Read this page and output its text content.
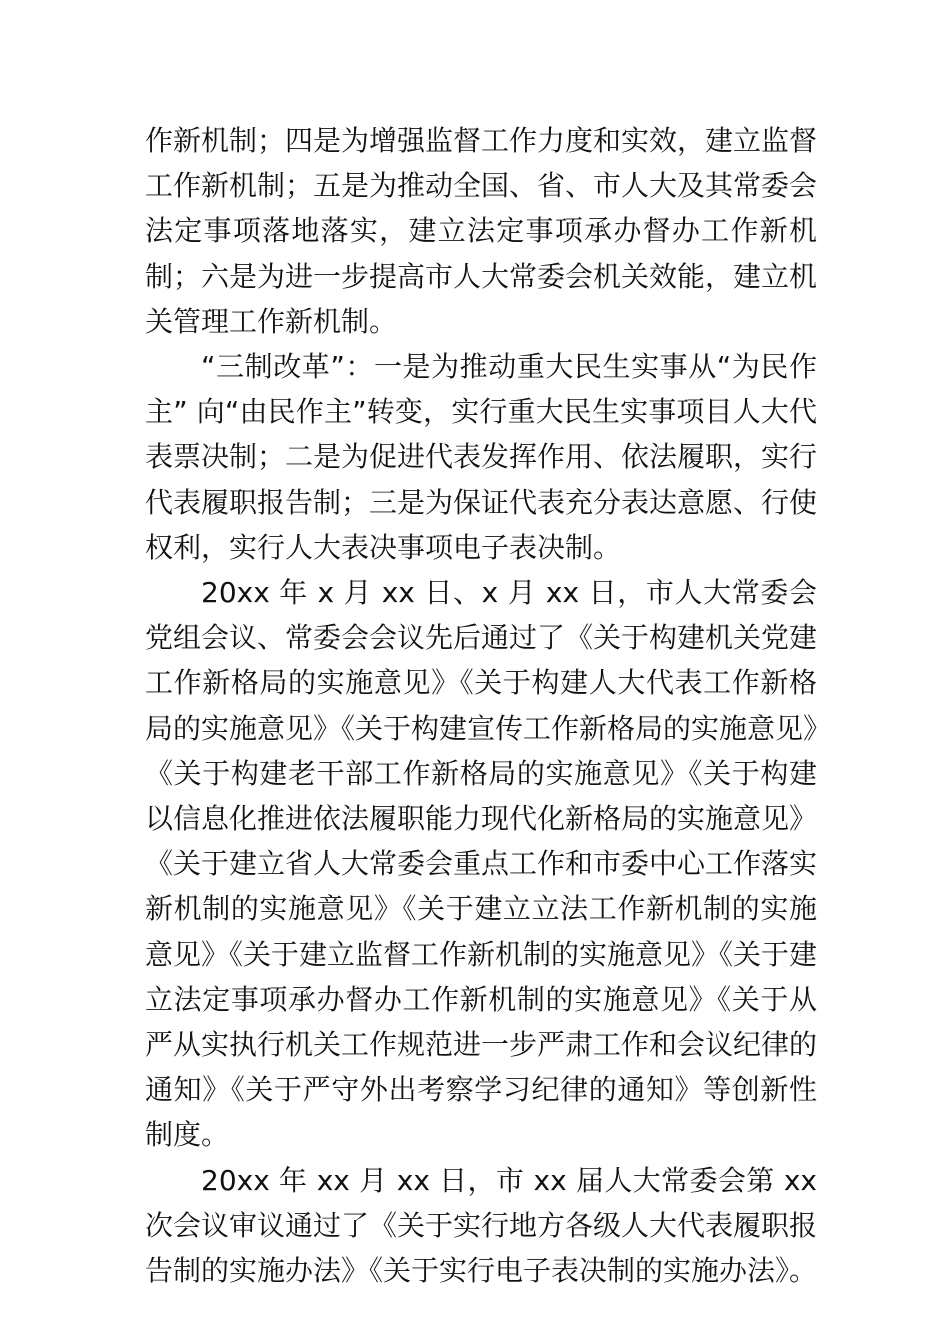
作新机制；四是为增强监督工作力度和实效，建立监督工作新机制；五是为推动全国、省、市人大及其常委会法定事项落地落实，建立法定事项承办督办工作新机制；六是为进一步提高市人大常委会机关效能，建立机关管理工作新机制。

“三制改革”：一是为推动重大民生实事从“为民作主” 向“由民作主”转变，实行重大民生实事项目人大代表票决制；二是为促进代表发挥作用、依法履职，实行代表履职报告制；三是为保证代表充分表达意愿、行使权利，实行人大表决事项电子表决制。

20xx 年 x 月 xx 日、x 月 xx 日，市人大常委会党组会议、常委会会议先后通过了《关于构建机关党建工作新格局的实施意见》《关于构建人大代表工作新格局的实施意见》《关于构建宣传工作新格局的实施意见》《关于构建老干部工作新格局的实施意见》《关于构建以信息化推进依法履职能力现代化新格局的实施意见》《关于建立省人大常委会重点工作和市委中心工作落实新机制的实施意见》《关于建立立法工作新机制的实施意见》《关于建立监督工作新机制的实施意见》《关于建立法定事项承办督办工作新机制的实施意见》《关于从严从实执行机关工作规范进一步严肃工作和会议纪律的通知》《关于严守外出考察学习纪律的通知》等创新性制度。

20xx 年 xx 月 xx 日，市 xx 届人大常委会第 xx 次会议审议通过了《关于实行地方各级人大代表履职报告制的实施办法》《关于实行电子表决制的实施办法》。
